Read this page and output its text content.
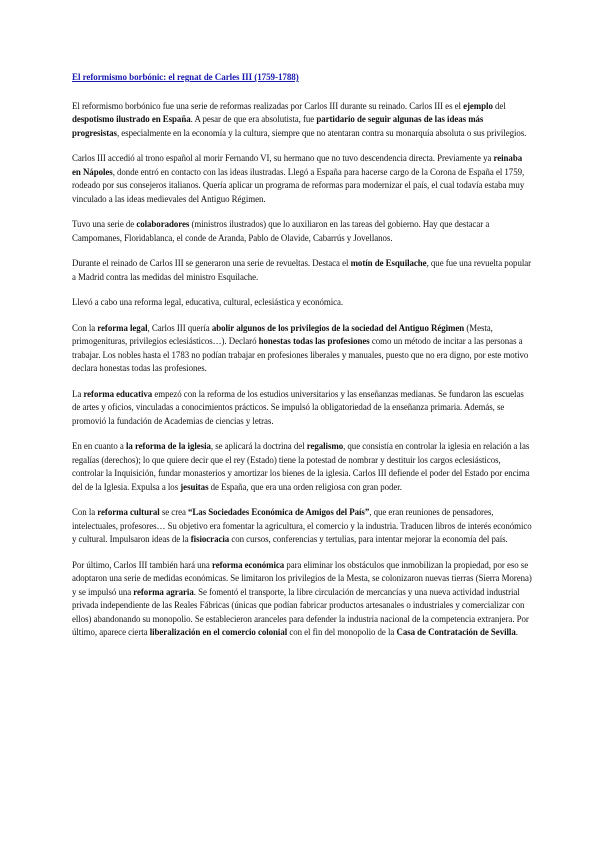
El reformismo borbónic: el regnat de Carles III (1759-1788)

El reformismo borbónico fue una serie de reformas realizadas por Carlos III durante su reinado. Carlos III es el ejemplo del despotismo ilustrado en España. A pesar de que era absolutista, fue partidario de seguir algunas de las ideas más progresistas, especialmente en la economía y la cultura, siempre que no atentaran contra su monarquía absoluta o sus privilegios.

Carlos III accedió al trono español al morir Fernando VI, su hermano que no tuvo descendencia directa. Previamente ya reinaba en Nápoles, donde entró en contacto con las ideas ilustradas. Llegó a España para hacerse cargo de la Corona de España el 1759, rodeado por sus consejeros italianos. Quería aplicar un programa de reformas para modernizar el país, el cual todavía estaba muy vinculado a las ideas medievales del Antiguo Régimen.

Tuvo una serie de colaboradores (ministros ilustrados) que lo auxiliaron en las tareas del gobierno. Hay que destacar a Campomanes, Floridablanca, el conde de Aranda, Pablo de Olavide, Cabarrús y Jovellanos.

Durante el reinado de Carlos III se generaron una serie de revueltas. Destaca el motín de Esquilache, que fue una revuelta popular a Madrid contra las medidas del ministro Esquilache.

Llevó a cabo una reforma legal, educativa, cultural, eclesiástica y económica.

Con la reforma legal, Carlos III quería abolir algunos de los privilegios de la sociedad del Antiguo Régimen (Mesta, primogenituras, privilegios eclesiásticos…). Declaró honestas todas las profesiones como un método de incitar a las personas a trabajar. Los nobles hasta el 1783 no podían trabajar en profesiones liberales y manuales, puesto que no era digno, por este motivo declara honestas todas las profesiones.

La reforma educativa empezó con la reforma de los estudios universitarios y las enseñanzas medianas. Se fundaron las escuelas de artes y oficios, vinculadas a conocimientos prácticos. Se impulsó la obligatoriedad de la enseñanza primaria. Además, se promovió la fundación de Academias de ciencias y letras.

En en cuanto a la reforma de la iglesia, se aplicará la doctrina del regalismo, que consistía en controlar la iglesia en relación a las regalías (derechos); lo que quiere decir que el rey (Estado) tiene la potestad de nombrar y destituir los cargos eclesiásticos, controlar la Inquisición, fundar monasterios y amortizar los bienes de la iglesia. Carlos III defiende el poder del Estado por encima del de la Iglesia. Expulsa a los jesuitas de España, que era una orden religiosa con gran poder.

Con la reforma cultural se crea “Las Sociedades Económica de Amigos del País”, que eran reuniones de pensadores, intelectuales, profesores… Su objetivo era fomentar la agricultura, el comercio y la industria. Traducen libros de interés económico y cultural. Impulsaron ideas de la fisiocracia con cursos, conferencias y tertulias, para intentar mejorar la economía del país.

Por último, Carlos III también hará una reforma económica para eliminar los obstáculos que inmobilizan la propiedad, por eso se adoptaron una serie de medidas económicas. Se limitaron los privilegios de la Mesta, se colonizaron nuevas tierras (Sierra Morena) y se impulsó una reforma agraria. Se fomentó el transporte, la libre circulación de mercancías y una nueva actividad industrial privada independiente de las Reales Fábricas (únicas que podían fabricar productos artesanales o industriales y comercializar con ellos) abandonando su monopolio. Se establecieron aranceles para defender la industria nacional de la competencia extranjera. Por último, aparece cierta liberalización en el comercio colonial con el fin del monopolio de la Casa de Contratación de Sevilla.
